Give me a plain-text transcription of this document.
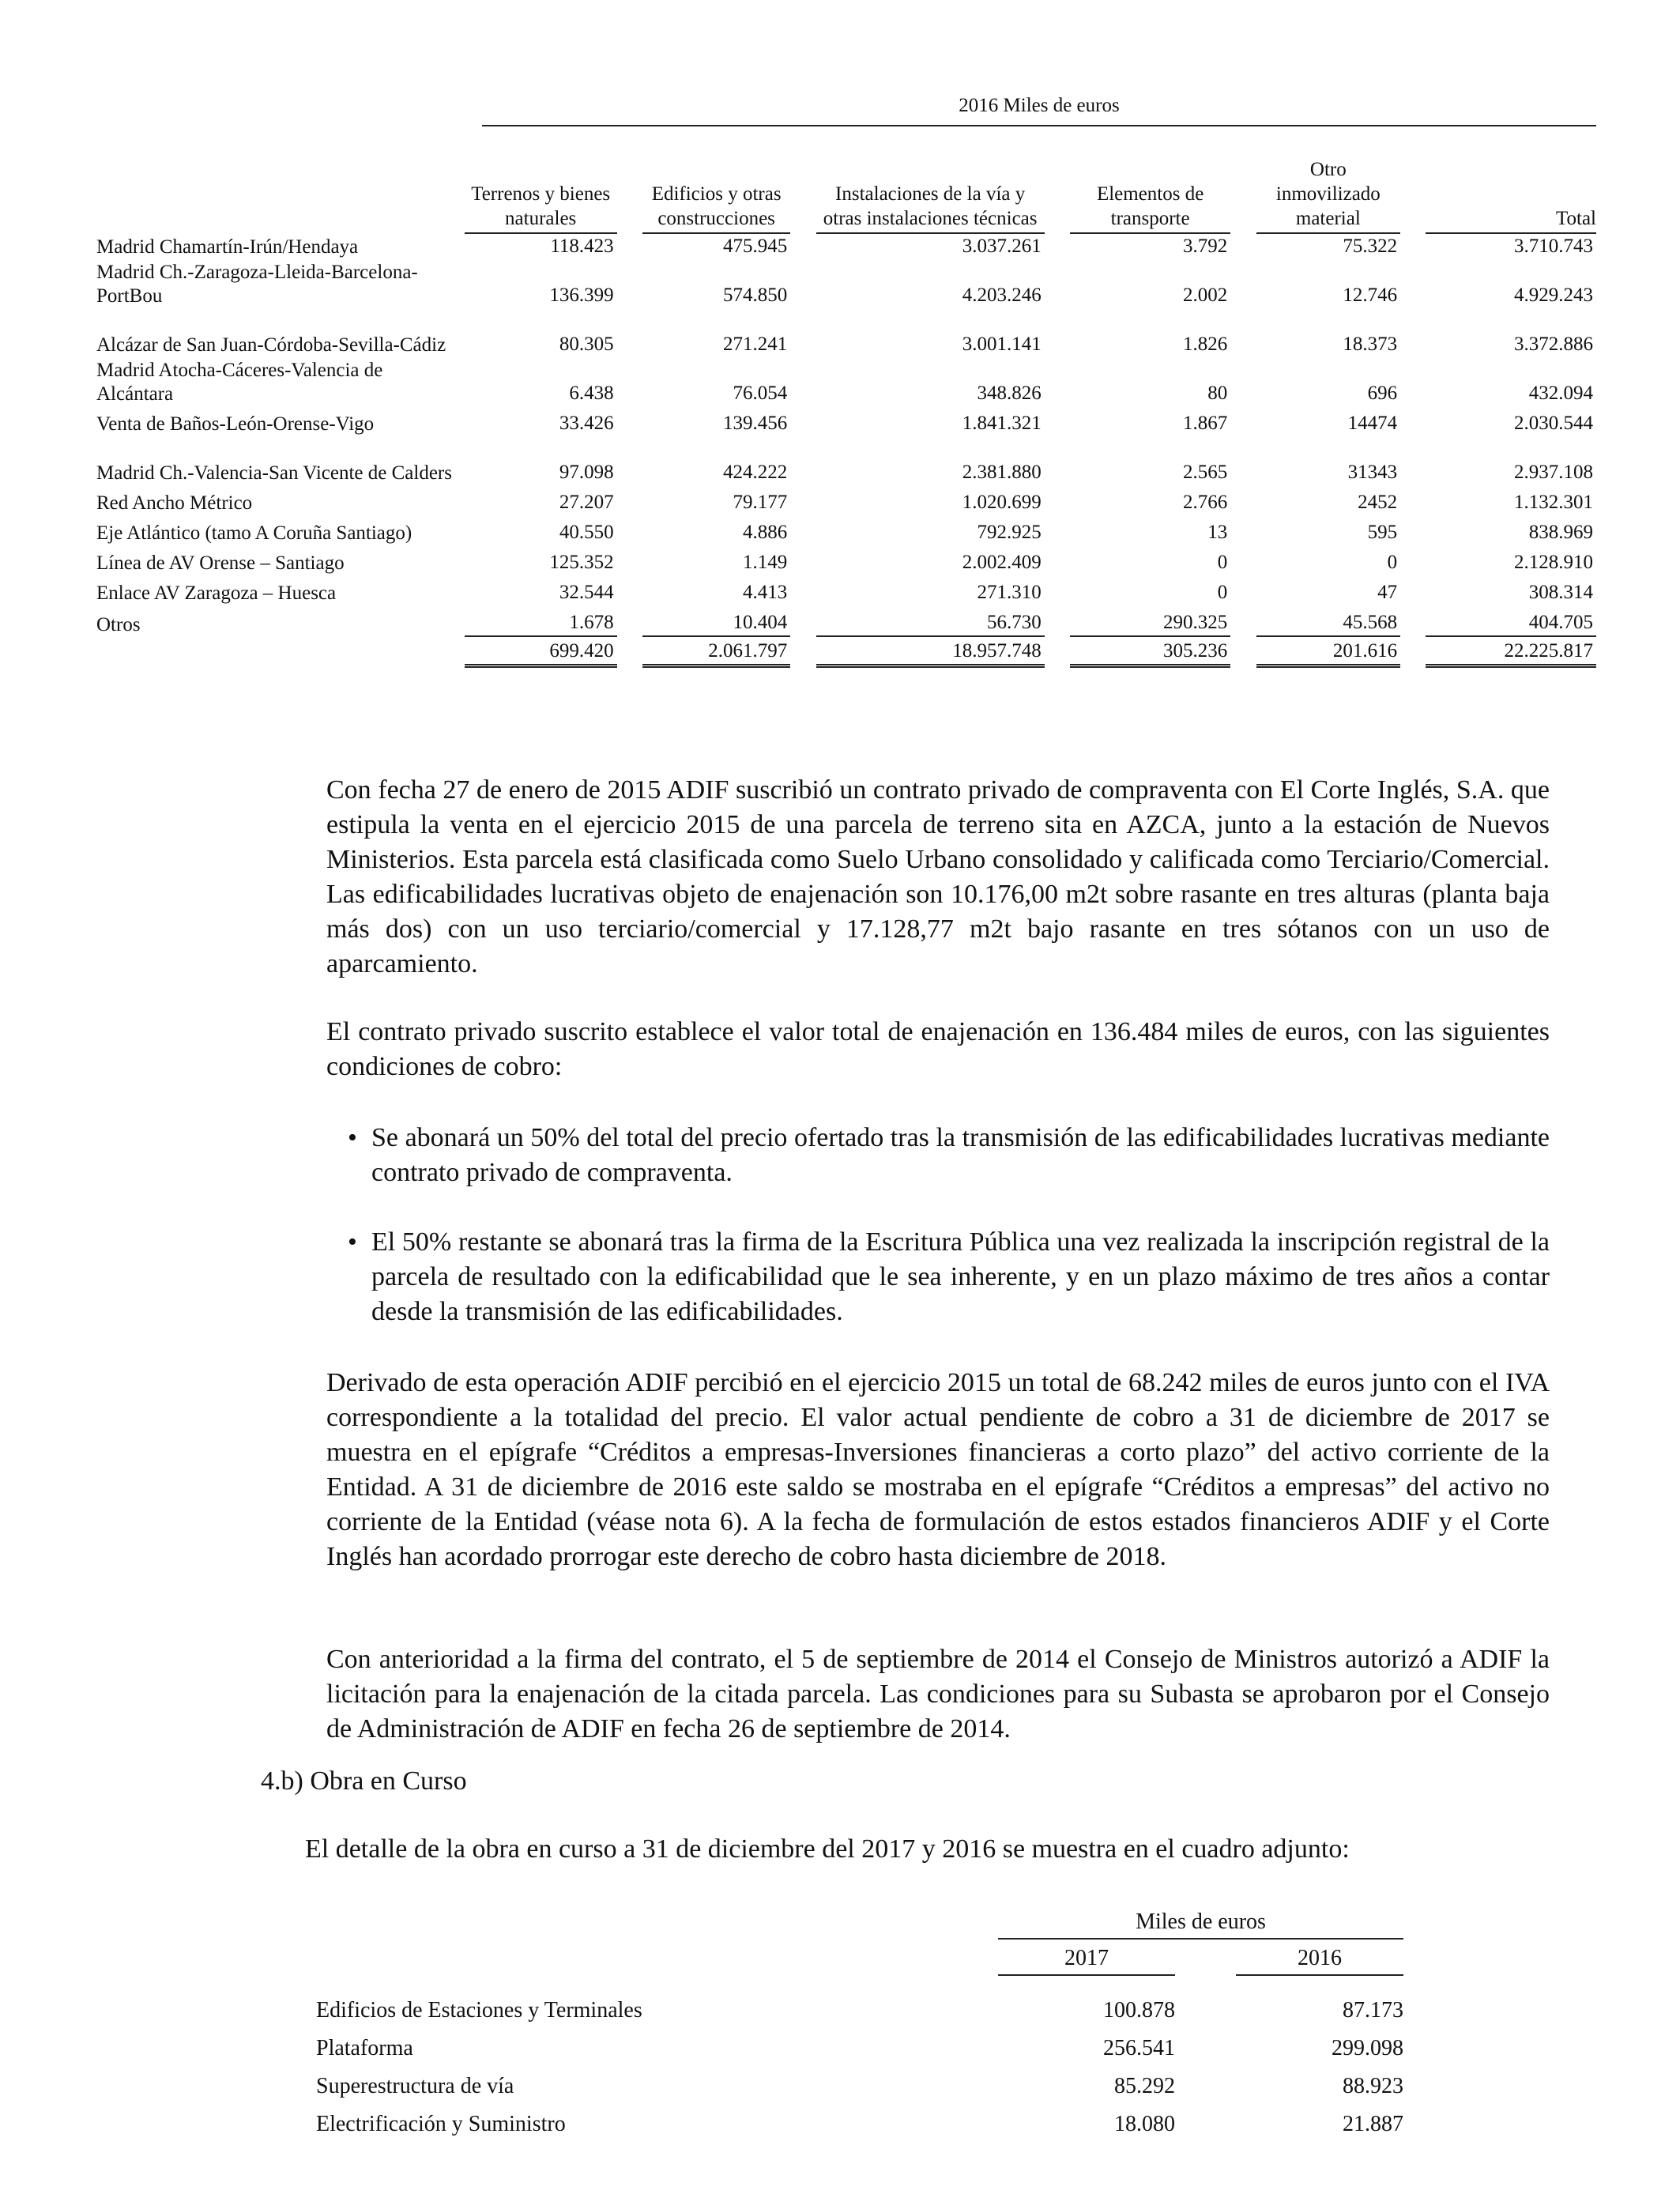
2016 Miles de euros
	Terrenos y bienes naturales		Edificios y otras construcciones		Instalaciones de la vía y otras instalaciones técnicas		Elementos de transporte		Otro inmovilizado material		Total
Madrid Chamartín-Irún/Hendaya	118.423		475.945		3.037.261		3.792		75.322		3.710.743
Madrid Ch.-Zaragoza-Lleida-Barcelona-PortBou	136.399		574.850		4.203.246		2.002		12.746		4.929.243
Alcázar de San Juan-Córdoba-Sevilla-Cádiz	80.305		271.241		3.001.141		1.826		18.373		3.372.886
Madrid Atocha-Cáceres-Valencia de Alcántara	6.438		76.054		348.826		80		696		432.094
Venta de Baños-León-Orense-Vigo	33.426		139.456		1.841.321		1.867		14474		2.030.544
Madrid Ch.-Valencia-San Vicente de Calders	97.098		424.222		2.381.880		2.565		31343		2.937.108
Red Ancho Métrico	27.207		79.177		1.020.699		2.766		2452		1.132.301
Eje Atlántico (tamo A Coruña Santiago)	40.550		4.886		792.925		13		595		838.969
Línea de AV Orense – Santiago	125.352		1.149		2.002.409		0		0		2.128.910
Enlace AV Zaragoza – Huesca	32.544		4.413		271.310		0		47		308.314
Otros	1.678		10.404		56.730		290.325		45.568		404.705
	699.420		2.061.797		18.957.748		305.236		201.616		22.225.817

Con fecha 27 de enero de 2015 ADIF suscribió un contrato privado de compraventa con El Corte Inglés, S.A. que estipula la venta en el ejercicio 2015 de una parcela de terreno sita en AZCA, junto a la estación de Nuevos Ministerios. Esta parcela está clasificada como Suelo Urbano consolidado y calificada como Terciario/Comercial. Las edificabilidades lucrativas objeto de enajenación son 10.176,00 m2t sobre rasante en tres alturas (planta baja más dos) con un uso terciario/comercial y 17.128,77 m2t bajo rasante en tres sótanos con un uso de aparcamiento.

El contrato privado suscrito establece el valor total de enajenación en 136.484 miles de euros, con las siguientes condiciones de cobro:

• Se abonará un 50% del total del precio ofertado tras la transmisión de las edificabilidades lucrativas mediante contrato privado de compraventa.

• El 50% restante se abonará tras la firma de la Escritura Pública una vez realizada la inscripción registral de la parcela de resultado con la edificabilidad que le sea inherente, y en un plazo máximo de tres años a contar desde la transmisión de las edificabilidades.

Derivado de esta operación ADIF percibió en el ejercicio 2015 un total de 68.242 miles de euros junto con el IVA correspondiente a la totalidad del precio. El valor actual pendiente de cobro a 31 de diciembre de 2017 se muestra en el epígrafe “Créditos a empresas-Inversiones financieras a corto plazo” del activo corriente de la Entidad. A 31 de diciembre de 2016 este saldo se mostraba en el epígrafe “Créditos a empresas” del activo no corriente de la Entidad (véase nota 6). A la fecha de formulación de estos estados financieros ADIF y el Corte Inglés han acordado prorrogar este derecho de cobro hasta diciembre de 2018.

Con anterioridad a la firma del contrato, el 5 de septiembre de 2014 el Consejo de Ministros autorizó a ADIF la licitación para la enajenación de la citada parcela. Las condiciones para su Subasta se aprobaron por el Consejo de Administración de ADIF en fecha 26 de septiembre de 2014.

4.b) Obra en Curso
El detalle de la obra en curso a 31 de diciembre del 2017 y 2016 se muestra en el cuadro adjunto:
Miles de euros
2017	2016
Edificios de Estaciones y Terminales	100.878	87.173
Plataforma	256.541	299.098
Superestructura de vía	85.292	88.923
Electrificación y Suministro	18.080	21.887
